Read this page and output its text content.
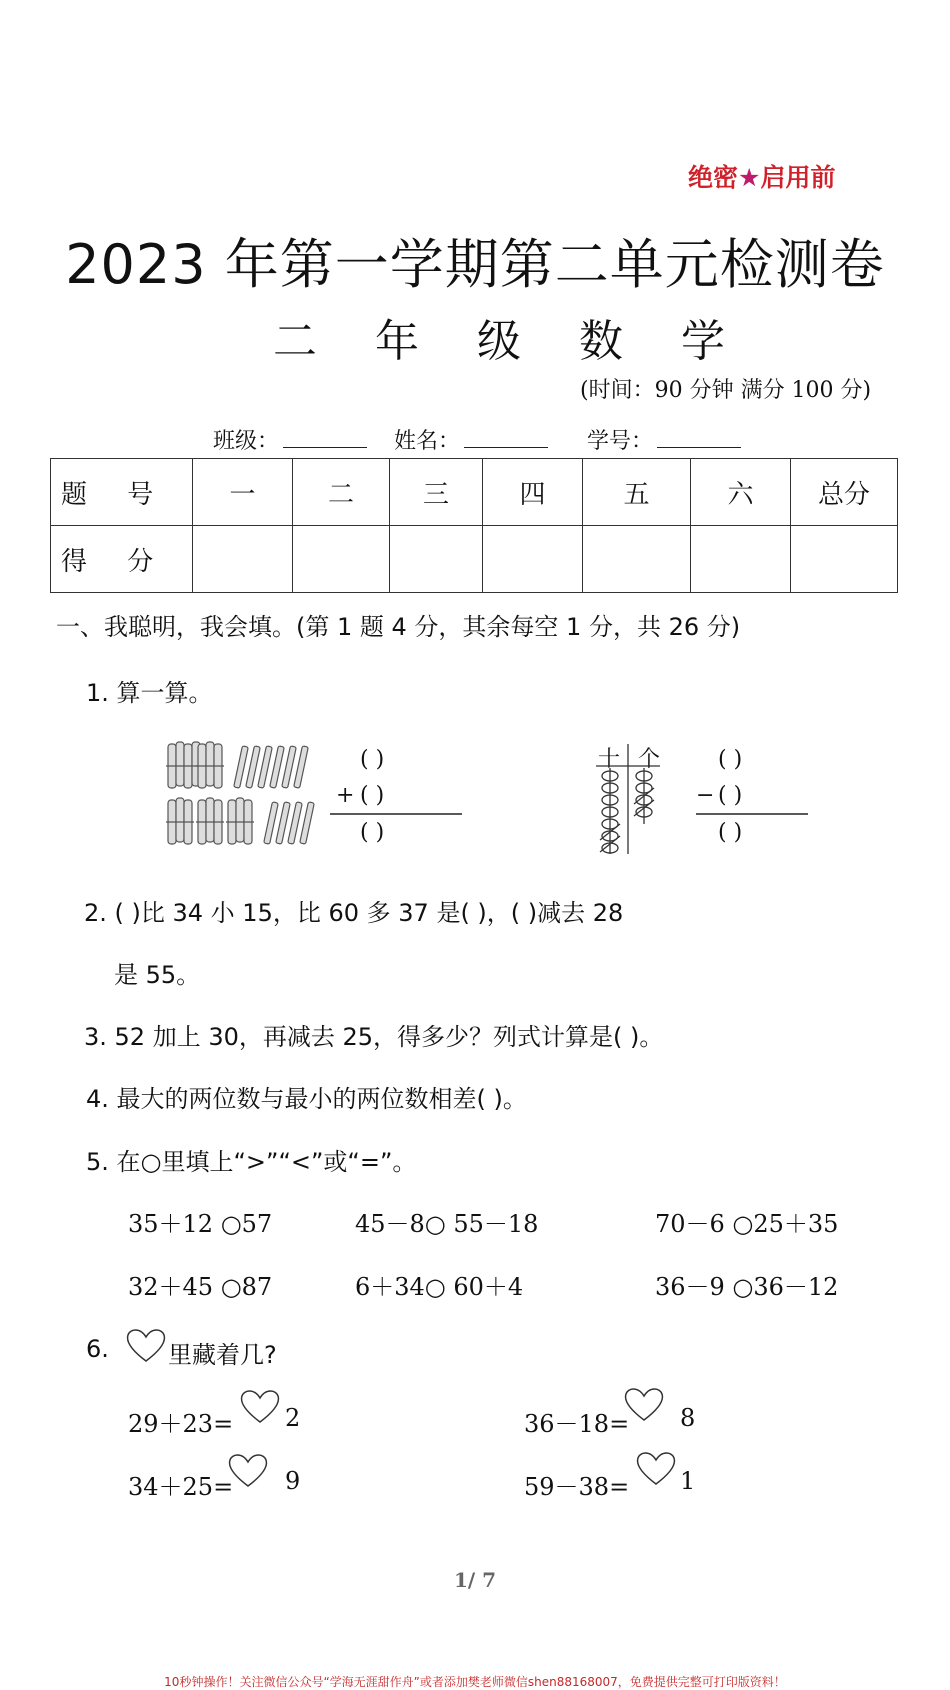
绝密★启用前
2023 年第一学期第二单元检测卷
二 年 级 数 学
(时间：90 分钟 满分 100 分)
班级：	姓名：	学号：
题 号	一	二	三	四	五	六	总分
得 分							
一、我聪明，我会填。(第 1 题 4 分，其余每空 1 分，共 26 分)
1. 算一算。
( )
+ ( )
( )
十 个	( )
− ( )
( )
2. ( )比 34 小 15，比 60 多 37 是( )，( )减去 28
是 55。
3. 52 加上 30，再减去 25，得多少？列式计算是( )。
4. 最大的两位数与最小的两位数相差( )。
5. 在○里填上“>”“<”或“=”。
35＋12 ○57	45－8○ 55－18	70－6 ○25＋35
32＋45 ○87	6＋34○ 60＋4	36－9 ○36－12
6. 里藏着几?
29＋23= 2	36－18= 8
34＋25= 9	59－38= 1
1/ 7
10秒钟操作！关注微信公众号“学海无涯甜作舟”或者添加樊老师微信shen88168007，免费提供完整可打印版资料！
